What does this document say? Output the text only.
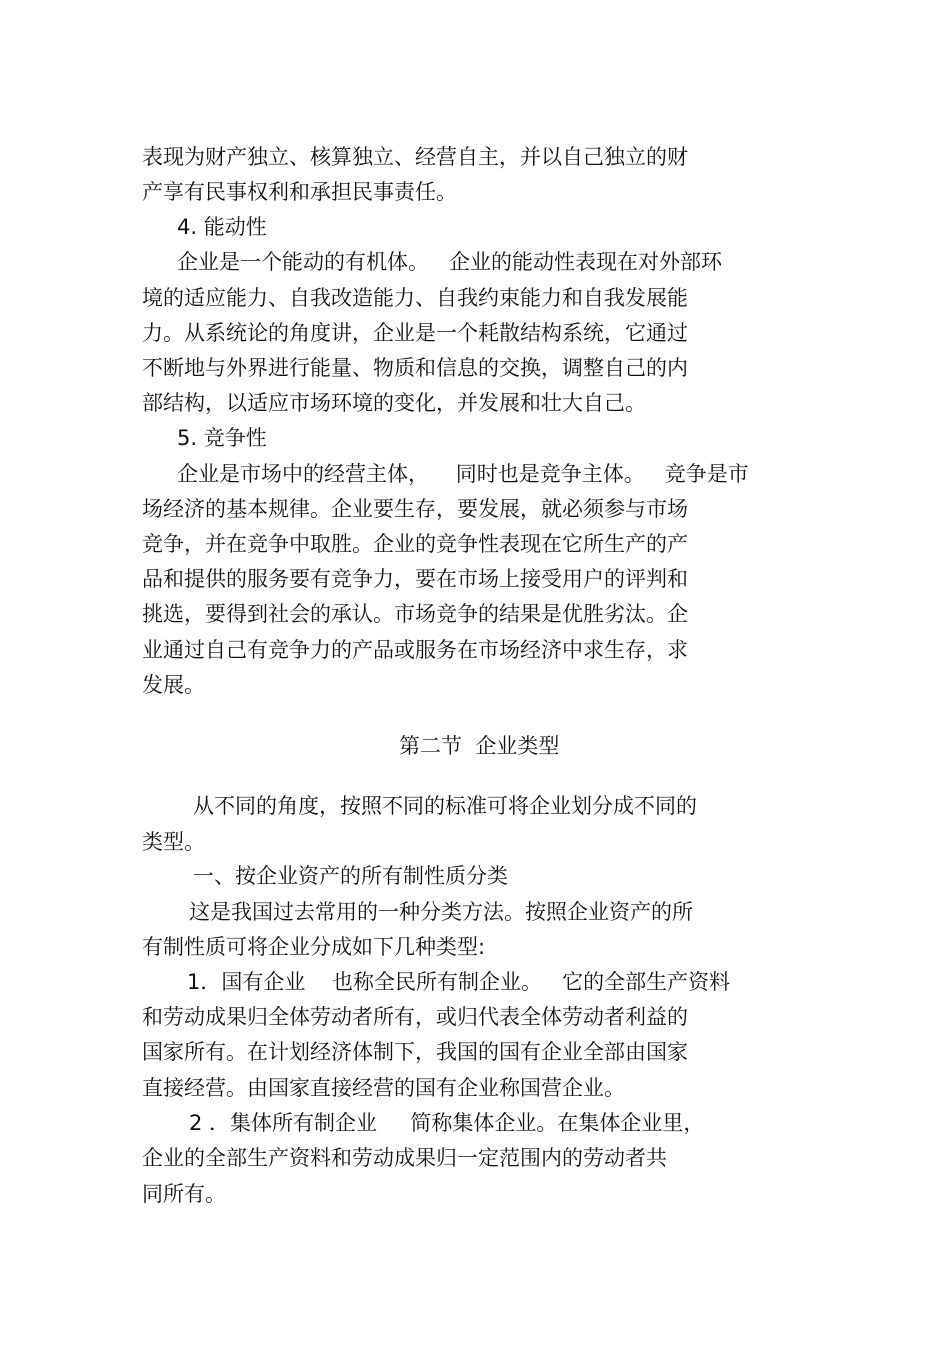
表现为财产独立、核算独立、经营自主，并以自己独立的财
产享有民事权利和承担民事责任。
4. 能动性
企业是一个能动的有机体。   企业的能动性表现在对外部环
境的适应能力、自我改造能力、自我约束能力和自我发展能
力。从系统论的角度讲，企业是一个耗散结构系统，它通过
不断地与外界进行能量、物质和信息的交换，调整自己的内
部结构，以适应市场环境的变化，并发展和壮大自己。
5. 竞争性
企业是市场中的经营主体，    同时也是竞争主体。   竞争是市
场经济的基本规律。企业要生存，要发展，就必须参与市场
竞争，并在竞争中取胜。企业的竞争性表现在它所生产的产
品和提供的服务要有竞争力，要在市场上接受用户的评判和
挑选，要得到社会的承认。市场竞争的结果是优胜劣汰。企
业通过自己有竞争力的产品或服务在市场经济中求生存，求
发展。
第二节  企业类型
从不同的角度，按照不同的标准可将企业划分成不同的
类型。
一、按企业资产的所有制性质分类
这是我国过去常用的一种分类方法。按照企业资产的所
有制性质可将企业分成如下几种类型:
1．国有企业    也称全民所有制企业。   它的全部生产资料
和劳动成果归全体劳动者所有，或归代表全体劳动者利益的
国家所有。在计划经济体制下，我国的国有企业全部由国家
直接经营。由国家直接经营的国有企业称国营企业。
2 ．集体所有制企业     简称集体企业。在集体企业里，
企业的全部生产资料和劳动成果归一定范围内的劳动者共
同所有。
